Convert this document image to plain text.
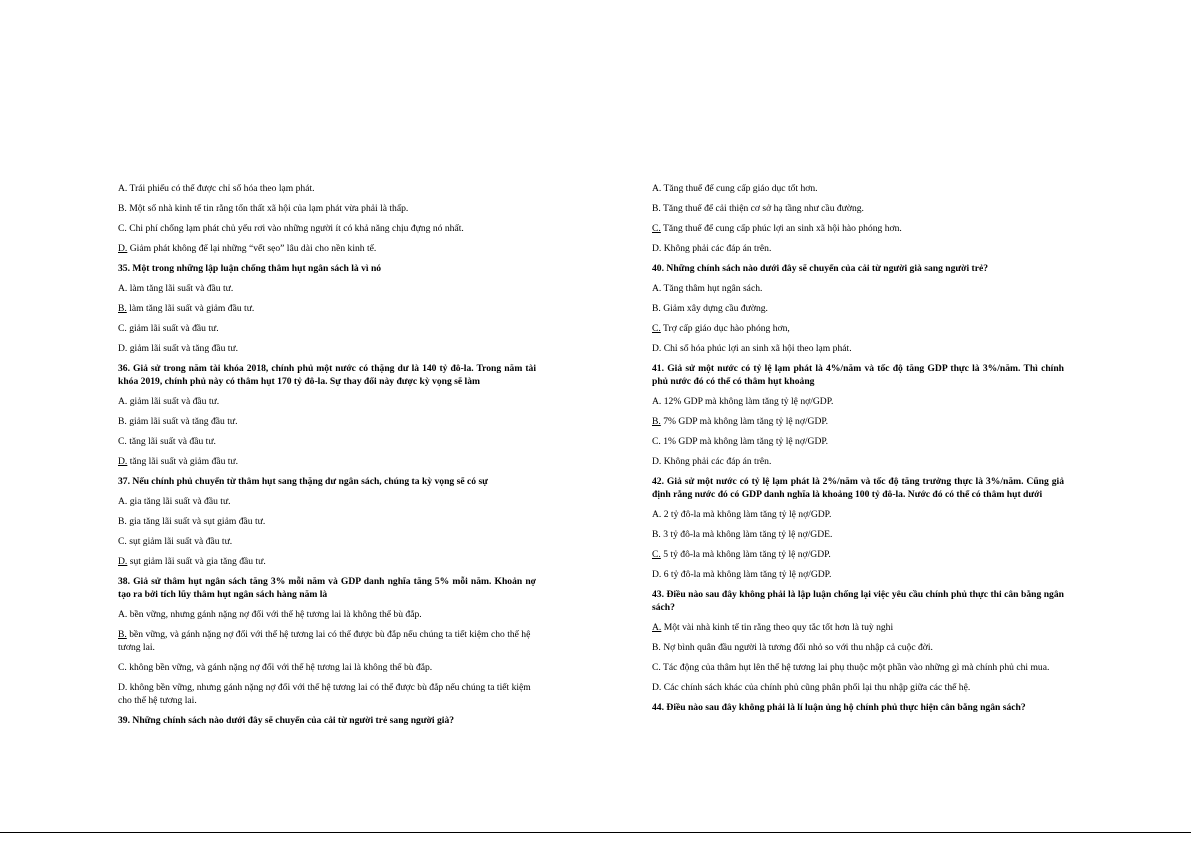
A. Trái phiếu có thể được chỉ số hóa theo lạm phát.
B. Một số nhà kinh tế tin rằng tổn thất xã hội của lạm phát vừa phải là thấp.
C. Chi phí chống lạm phát chủ yếu rơi vào những người ít có khả năng chịu đựng nó nhất.
D. Giảm phát không để lại những “vết sẹo” lâu dài cho nền kinh tế.
35. Một trong những lập luận chống thâm hụt ngân sách là vì nó
A. làm tăng lãi suất và đầu tư.
B. làm tăng lãi suất và giảm đầu tư.
C. giảm lãi suất và đầu tư.
D. giảm lãi suất và tăng đầu tư.
36. Giả sử trong năm tài khóa 2018, chính phủ một nước có thặng dư là 140 tỷ đô-la. Trong năm tài khóa 2019, chính phủ này có thâm hụt 170 tỷ đô-la. Sự thay đổi này được kỳ vọng sẽ làm
A. giảm lãi suất và đầu tư.
B. giảm lãi suất và tăng đầu tư.
C. tăng lãi suất và đầu tư.
D. tăng lãi suất và giảm đầu tư.
37. Nếu chính phủ chuyển từ thâm hụt sang thặng dư ngân sách, chúng ta kỳ vọng sẽ có sự
A. gia tăng lãi suất và đầu tư.
B. gia tăng lãi suất và sụt giảm đầu tư.
C. sụt giảm lãi suất và đầu tư.
D. sụt giảm lãi suất và gia tăng đầu tư.
38. Giả sử thâm hụt ngân sách tăng 3% mỗi năm và GDP danh nghĩa tăng 5% mỗi năm. Khoản nợ tạo ra bởi tích lũy thâm hụt ngân sách hàng năm là
A. bền vững, nhưng gánh nặng nợ đối với thế hệ tương lai là không thể bù đắp.
B. bền vững, và gánh nặng nợ đối với thế hệ tương lai có thể được bù đắp nếu chúng ta tiết kiệm cho thế hệ tương lai.
C. không bền vững, và gánh nặng nợ đối với thế hệ tương lai là không thể bù đắp.
D. không bền vững, nhưng gánh nặng nợ đối với thế hệ tương lai có thể được bù đắp nếu chúng ta tiết kiệm cho thế hệ tương lai.
39. Những chính sách nào dưới đây sẽ chuyển của cải từ người trẻ sang người già?
A. Tăng thuế để cung cấp giáo dục tốt hơn.
B. Tăng thuế để cải thiện cơ sở hạ tầng như cầu đường.
C. Tăng thuế để cung cấp phúc lợi an sinh xã hội hào phóng hơn.
D. Không phải các đáp án trên.
40. Những chính sách nào dưới đây sẽ chuyển của cải từ người già sang người trẻ?
A. Tăng thâm hụt ngân sách.
B. Giảm xây dựng cầu đường.
C. Trợ cấp giáo dục hào phóng hơn,
D. Chỉ số hóa phúc lợi an sinh xã hội theo lạm phát.
41. Giả sử một nước có tỷ lệ lạm phát là 4%/năm và tốc độ tăng GDP thực là 3%/năm. Thì chính phủ nước đó có thể có thâm hụt khoảng
A. 12% GDP mà không làm tăng tỷ lệ nợ/GDP.
B. 7% GDP mà không làm tăng tỷ lệ nợ/GDP.
C. 1% GDP mà không làm tăng tỷ lệ nợ/GDP.
D. Không phải các đáp án trên.
42. Giả sử một nước có tỷ lệ lạm phát là 2%/năm và tốc độ tăng trưởng thực là 3%/năm. Cũng giả định rằng nước đó có GDP danh nghĩa là khoảng 100 tỷ đô-la. Nước đó có thể có thâm hụt dưới
A. 2 tỷ đô-la mà không làm tăng tỷ lệ nợ/GDP.
B. 3 tỷ đô-la mà không làm tăng tỷ lệ nợ/GDE.
C. 5 tỷ đô-la mà không làm tăng tỷ lệ nợ/GDP.
D. 6 tỷ đô-la mà không làm tăng tỷ lệ nợ/GDP.
43. Điều nào sau đây không phải là lập luận chống lại việc yêu cầu chính phủ thực thi cân bằng ngân sách?
A. Một vài nhà kinh tế tin rằng theo quy tắc tốt hơn là tuỳ nghi
B. Nợ bình quân đầu người là tương đối nhỏ so với thu nhập cả cuộc đời.
C. Tác động của thâm hụt lên thế hệ tương lai phụ thuộc một phần vào những gì mà chính phủ chi mua.
D. Các chính sách khác của chính phủ cũng phân phối lại thu nhập giữa các thế hệ.
44. Điều nào sau đây không phải là lí luận ủng hộ chính phủ thực hiện cân bằng ngân sách?
